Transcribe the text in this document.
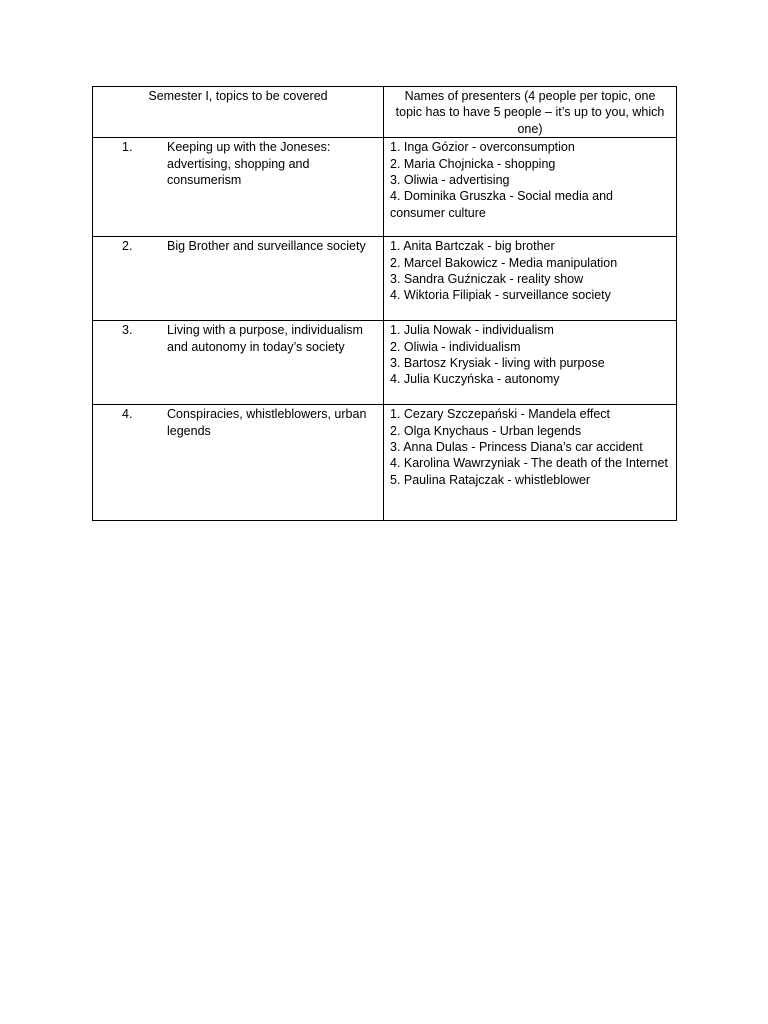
Semester I, topics to be covered	Names of presenters (4 people per topic, one topic has to have 5 people – it’s up to you, which one)

1. Keeping up with the Joneses: advertising, shopping and consumerism	1. Inga Gózior - overconsumption
2. Maria Chojnicka - shopping
3. Oliwia - advertising
4. Dominika Gruszka - Social media and consumer culture

2. Big Brother and surveillance society	1. Anita Bartczak - big brother
2. Marcel Bakowicz - Media manipulation
3. Sandra Guźniczak - reality show
4. Wiktoria Filipiak - surveillance society

3. Living with a purpose, individualism and autonomy in today’s society	1. Julia Nowak - individualism
2. Oliwia - individualism
3. Bartosz Krysiak - living with purpose
4. Julia Kuczyńska - autonomy

4. Conspiracies, whistleblowers, urban legends	1. Cezary Szczepański - Mandela effect
2. Olga Knychaus - Urban legends
3. Anna Dulas - Princess Diana’s car accident
4. Karolina Wawrzyniak - The death of the Internet
5. Paulina Ratajczak - whistleblower
